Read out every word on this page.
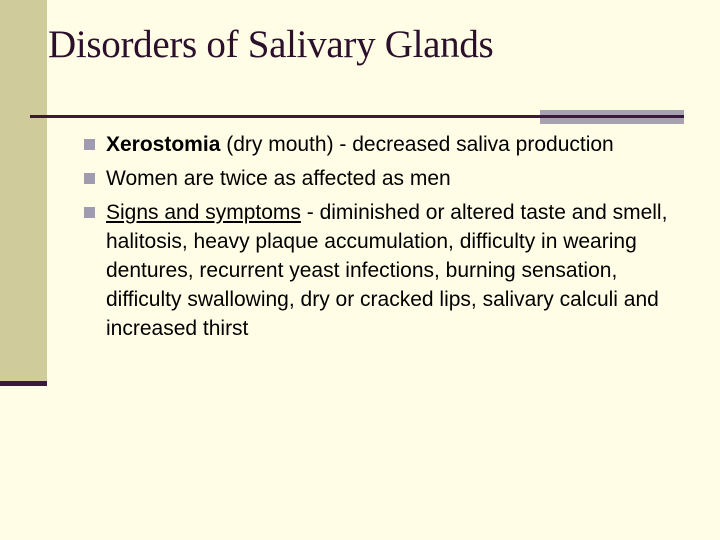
Disorders of Salivary Glands
Xerostomia (dry mouth) - decreased saliva production
Women are twice as affected as men
Signs and symptoms - diminished or altered taste and smell, halitosis, heavy plaque accumulation, difficulty in wearing dentures, recurrent yeast infections, burning sensation, difficulty swallowing, dry or cracked lips, salivary calculi and increased thirst
